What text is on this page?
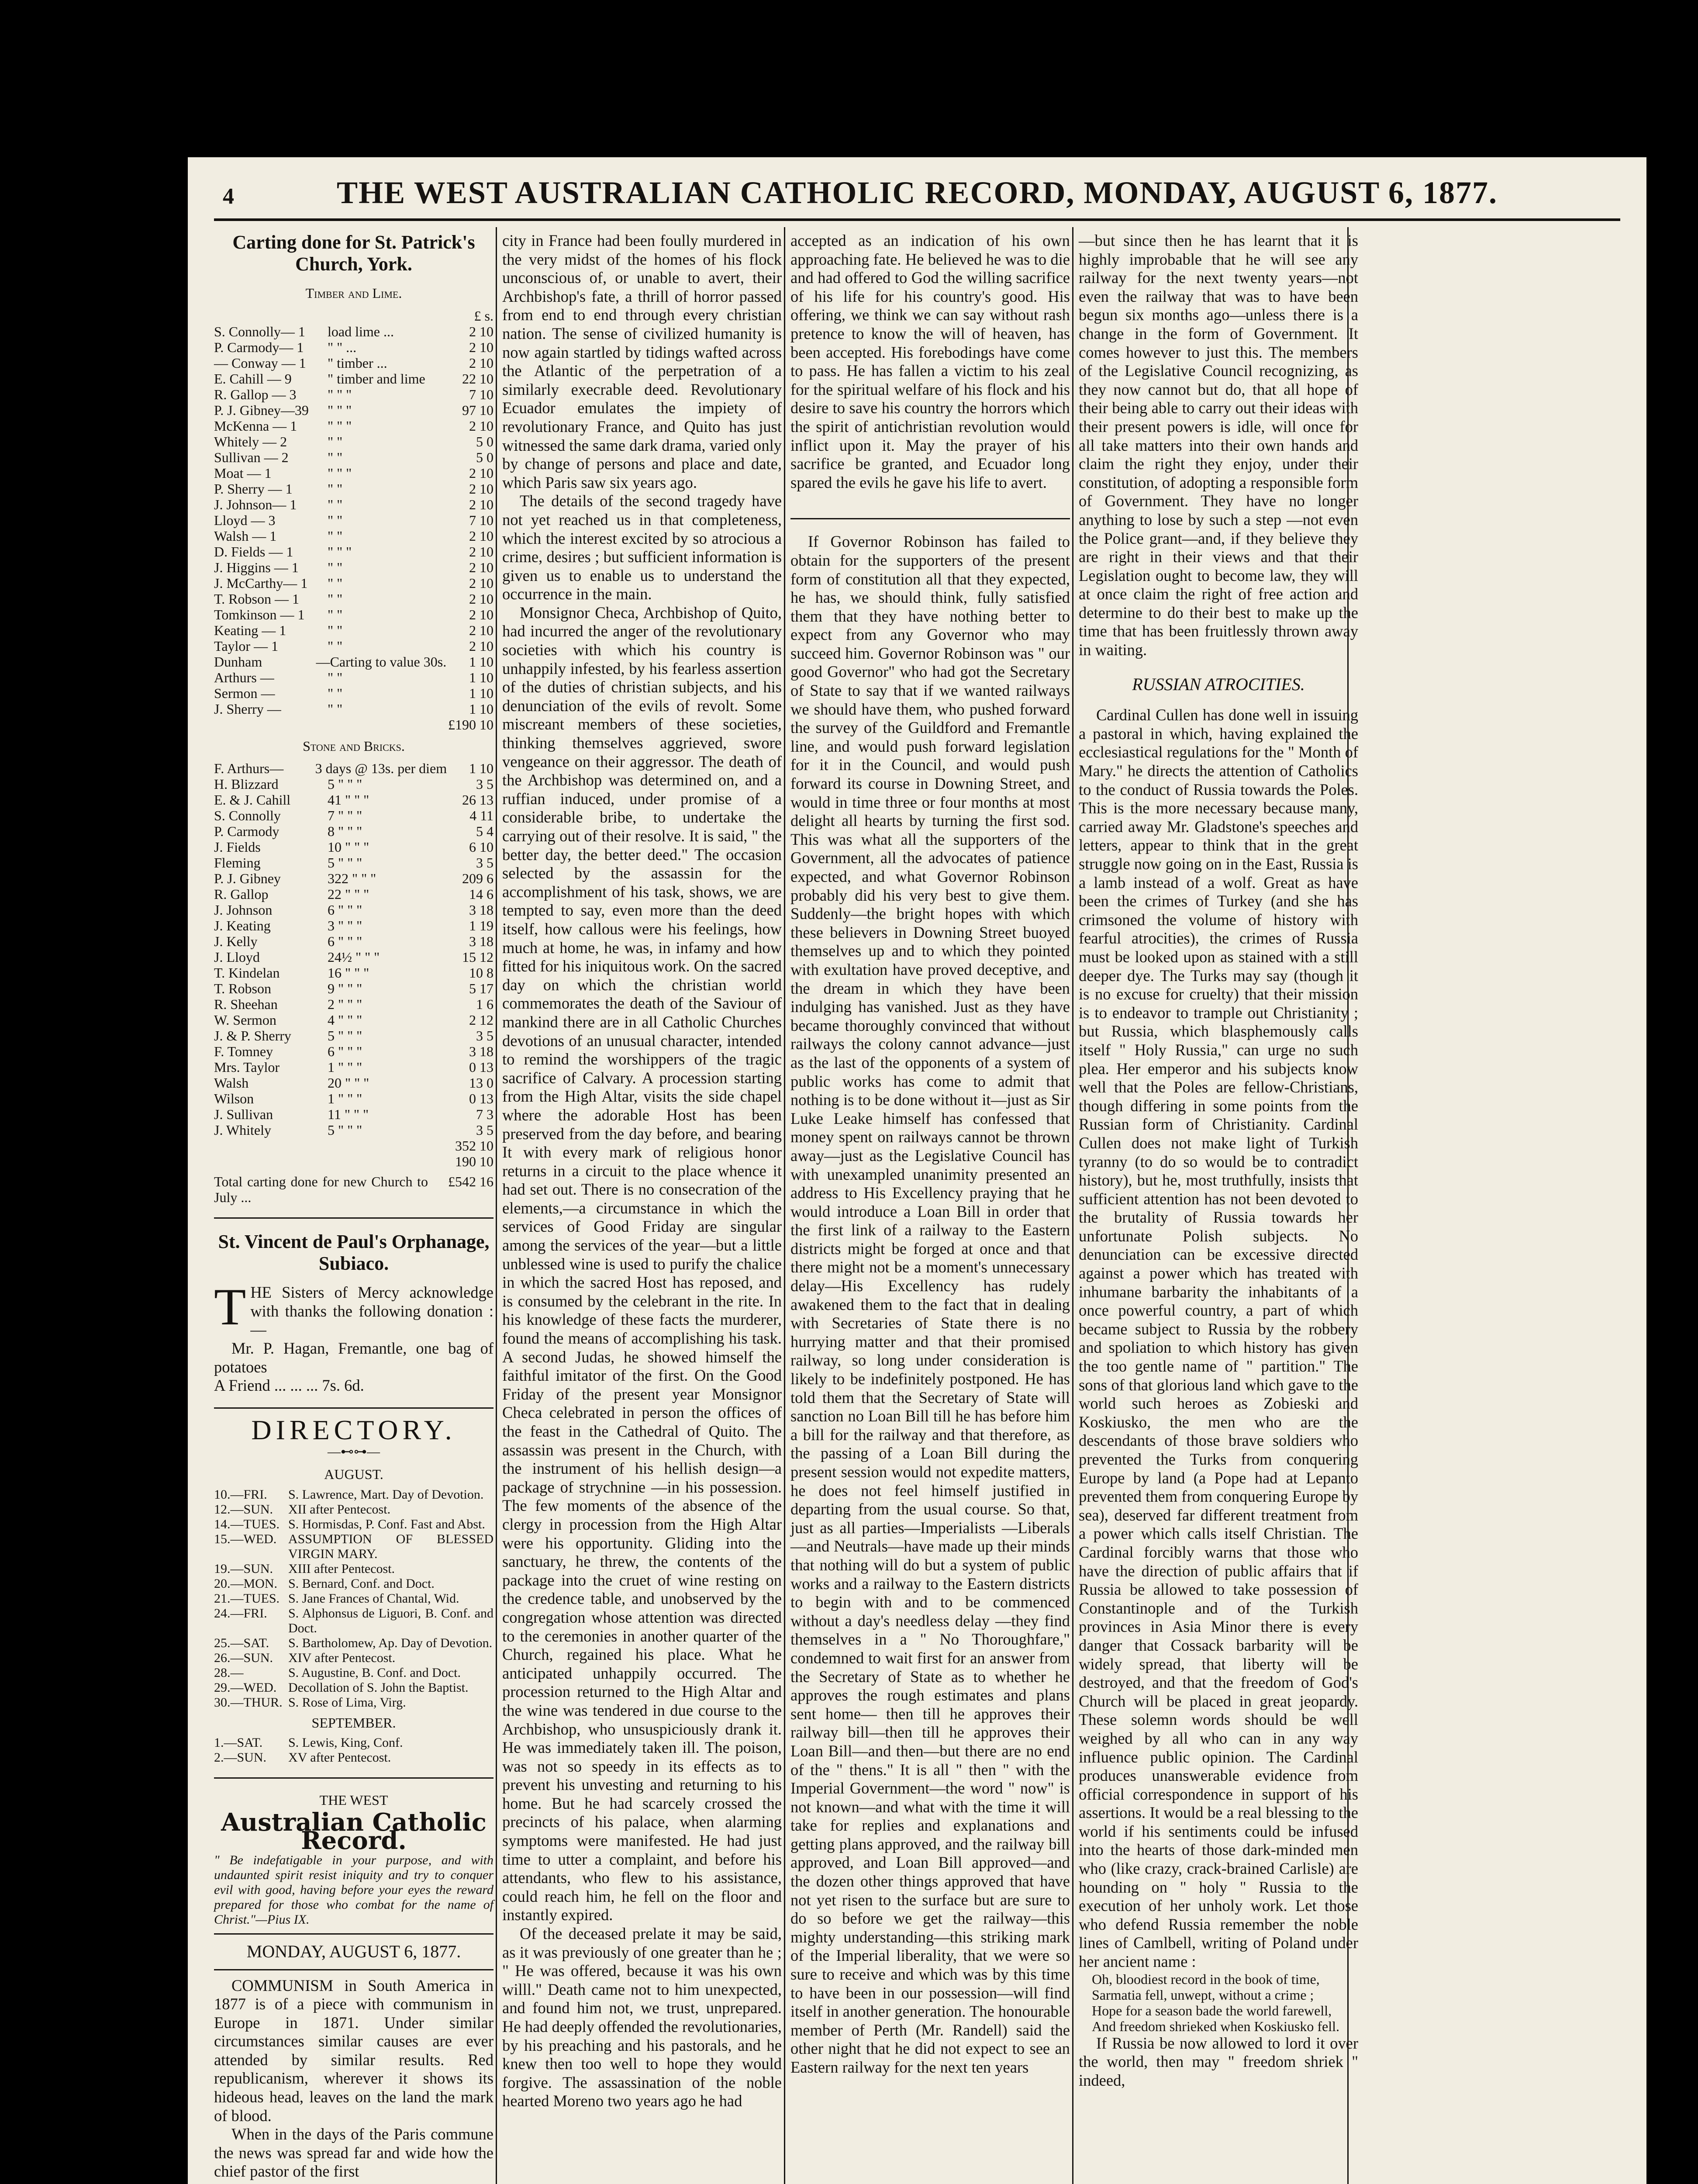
4	THE WEST AUSTRALIAN CATHOLIC RECORD, MONDAY, AUGUST 6, 1877.
Carting done for St. Patrick's Church, York.
Timber and Lime.
£ s.
S. Connolly— 1	load lime ...	2 10
P. Carmody— 1	" " ...	2 10
— Conway — 1	" timber ...	2 10
E. Cahill — 9	" timber and lime	22 10
R. Gallop — 3	" " "	7 10
P. J. Gibney—39	" " "	97 10
McKenna — 1	" " "	2 10
Whitely — 2	" "	5 0
Sullivan — 2	" "	5 0
Moat — 1	" " "	2 10
P. Sherry — 1	" "	2 10
J. Johnson— 1	" "	2 10
Lloyd — 3	" "	7 10
Walsh — 1	" "	2 10
D. Fields — 1	" " "	2 10
J. Higgins — 1	" "	2 10
J. McCarthy— 1	" "	2 10
T. Robson — 1	" "	2 10
Tomkinson — 1	" "	2 10
Keating — 1	" "	2 10
Taylor — 1	" "	2 10
Dunham	—Carting to value 30s.	1 10
Arthurs —	" "	1 10
Sermon —	" "	1 10
J. Sherry —	" "	1 10
£190 10
Stone and Bricks.
F. Arthurs—	3 days @ 13s. per diem	1 10
H. Blizzard	5 " " "	3 5
E. & J. Cahill	41 " " "	26 13
S. Connolly	7 " " "	4 11
P. Carmody	8 " " "	5 4
J. Fields	10 " " "	6 10
Fleming	5 " " "	3 5
P. J. Gibney	322 " " "	209 6
R. Gallop	22 " " "	14 6
J. Johnson	6 " " "	3 18
J. Keating	3 " " "	1 19
J. Kelly	6 " " "	3 18
J. Lloyd	24½ " " "	15 12
T. Kindelan	16 " " "	10 8
T. Robson	9 " " "	5 17
R. Sheehan	2 " " "	1 6
W. Sermon	4 " " "	2 12
J. & P. Sherry	5 " " "	3 5
F. Tomney	6 " " "	3 18
Mrs. Taylor	1 " " "	0 13
Walsh	20 " " "	13 0
Wilson	1 " " "	0 13
J. Sullivan	11 " " "	7 3
J. Whitely	5 " " "	3 5
352 10
190 10
Total carting done for new Church to July ...
£542 16
St. Vincent de Paul's Orphanage, Subiaco.

THE Sisters of Mercy acknowledge with thanks the following donation :—

Mr. P. Hagan, Fremantle, one bag of potatoes

A Friend ... ... ... 7s. 6d.

DIRECTORY.
—⊷⊶—
AUGUST.
10.—FRI.	S. Lawrence, Mart. Day of Devotion.
12.—SUN.	XII after Pentecost.
14.—TUES. S. Hormisdas, P. Conf. Fast and Abst.
15.—WED. ASSUMPTION OF BLESSED VIRGIN MARY.
19.—SUN.	XIII after Pentecost.
20.—MON. S. Bernard, Conf. and Doct.
21.—TUES. S. Jane Frances of Chantal, Wid.
24.—FRI.	S. Alphonsus de Liguori, B. Conf. and Doct.
25.—SAT.	S. Bartholomew, Ap. Day of Devotion.
26.—SUN.	XIV after Pentecost.
28.—	S. Augustine, B. Conf. and Doct.
29.—WED. Decollation of S. John the Baptist.
30.—THUR. S. Rose of Lima, Virg.
SEPTEMBER.
1.—SAT.	S. Lewis, King, Conf.
2.—SUN.	XV after Pentecost.
THE WEST
Australian Catholic Record.
" Be indefatigable in your purpose, and with undaunted spirit resist iniquity and try to conquer evil with good, having before your eyes the reward prepared for those who combat for the name of Christ."—Pius IX.
MONDAY, AUGUST 6, 1877.

COMMUNISM in South America in 1877 is of a piece with communism in Europe in 1871. Under similar circumstances similar causes are ever attended by similar results. Red republicanism, wherever it shows its hideous head, leaves on the land the mark of blood.

When in the days of the Paris commune the news was spread far and wide how the chief pastor of the first

city in France had been foully murdered in the very midst of the homes of his flock unconscious of, or unable to avert, their Archbishop's fate, a thrill of horror passed from end to end through every christian nation. The sense of civilized humanity is now again startled by tidings wafted across the Atlantic of the perpetration of a similarly execrable deed. Revolutionary Ecuador emulates the impiety of revolutionary France, and Quito has just witnessed the same dark drama, varied only by change of persons and place and date, which Paris saw six years ago.

The details of the second tragedy have not yet reached us in that completeness, which the interest excited by so atrocious a crime, desires ; but sufficient information is given us to enable us to understand the occurrence in the main.

Monsignor Checa, Archbishop of Quito, had incurred the anger of the revolutionary societies with which his country is unhappily infested, by his fearless assertion of the duties of christian subjects, and his denunciation of the evils of revolt. Some miscreant members of these societies, thinking themselves aggrieved, swore vengeance on their aggressor. The death of the Archbishop was determined on, and a ruffian induced, under promise of a considerable bribe, to undertake the carrying out of their resolve. It is said, " the better day, the better deed." The occasion selected by the assassin for the accomplishment of his task, shows, we are tempted to say, even more than the deed itself, how callous were his feelings, how much at home, he was, in infamy and how fitted for his iniquitous work. On the sacred day on which the christian world commemorates the death of the Saviour of mankind there are in all Catholic Churches devotions of an unusual character, intended to remind the worshippers of the tragic sacrifice of Calvary. A procession starting from the High Altar, visits the side chapel where the adorable Host has been preserved from the day before, and bearing It with every mark of religious honor returns in a circuit to the place whence it had set out. There is no consecration of the elements,—a circumstance in which the services of Good Friday are singular among the services of the year—but a little unblessed wine is used to purify the chalice in which the sacred Host has reposed, and is consumed by the celebrant in the rite. In his knowledge of these facts the murderer, found the means of accomplishing his task. A second Judas, he showed himself the faithful imitator of the first. On the Good Friday of the present year Monsignor Checa celebrated in person the offices of the feast in the Cathedral of Quito. The assassin was present in the Church, with the instrument of his hellish design—a package of strychnine —in his possession. The few moments of the absence of the clergy in procession from the High Altar were his opportunity. Gliding into the sanctuary, he threw, the contents of the package into the cruet of wine resting on the credence table, and unobserved by the congregation whose attention was directed to the ceremonies in another quarter of the Church, regained his place. What he anticipated unhappily occurred. The procession returned to the High Altar and the wine was tendered in due course to the Archbishop, who unsuspiciously drank it. He was immediately taken ill. The poison, was not so speedy in its effects as to prevent his unvesting and returning to his home. But he had scarcely crossed the precincts of his palace, when alarming symptoms were manifested. He had just time to utter a complaint, and before his attendants, who flew to his assistance, could reach him, he fell on the floor and instantly expired.

Of the deceased prelate it may be said, as it was previously of one greater than he ; " He was offered, because it was his own willl." Death came not to him unexpected, and found him not, we trust, unprepared. He had deeply offended the revolutionaries, by his preaching and his pastorals, and he knew then too well to hope they would forgive. The assassination of the noble hearted Moreno two years ago he had

accepted as an indication of his own approaching fate. He believed he was to die and had offered to God the willing sacrifice of his life for his country's good. His offering, we think we can say without rash pretence to know the will of heaven, has been accepted. His forebodings have come to pass. He has fallen a victim to his zeal for the spiritual welfare of his flock and his desire to save his country the horrors which the spirit of antichristian revolution would inflict upon it. May the prayer of his sacrifice be granted, and Ecuador long spared the evils he gave his life to avert.

If Governor Robinson has failed to obtain for the supporters of the present form of constitution all that they expected, he has, we should think, fully satisfied them that they have nothing better to expect from any Governor who may succeed him. Governor Robinson was " our good Governor" who had got the Secretary of State to say that if we wanted railways we should have them, who pushed forward the survey of the Guildford and Fremantle line, and would push forward legislation for it in the Council, and would push forward its course in Downing Street, and would in time three or four months at most delight all hearts by turning the first sod. This was what all the supporters of the Government, all the advocates of patience expected, and what Governor Robinson probably did his very best to give them. Suddenly—the bright hopes with which these believers in Downing Street buoyed themselves up and to which they pointed with exultation have proved deceptive, and the dream in which they have been indulging has vanished. Just as they have became thoroughly convinced that without railways the colony cannot advance—just as the last of the opponents of a system of public works has come to admit that nothing is to be done without it—just as Sir Luke Leake himself has confessed that money spent on railways cannot be thrown away—just as the Legislative Council has with unexampled unanimity presented an address to His Excellency praying that he would introduce a Loan Bill in order that the first link of a railway to the Eastern districts might be forged at once and that there might not be a moment's unnecessary delay—His Excellency has rudely awakened them to the fact that in dealing with Secretaries of State there is no hurrying matter and that their promised railway, so long under consideration is likely to be indefinitely postponed. He has told them that the Secretary of State will sanction no Loan Bill till he has before him a bill for the railway and that therefore, as the passing of a Loan Bill during the present session would not expedite matters, he does not feel himself justified in departing from the usual course. So that, just as all parties—Imperialists —Liberals—and Neutrals—have made up their minds that nothing will do but a system of public works and a railway to the Eastern districts to begin with and to be commenced without a day's needless delay —they find themselves in a " No Thoroughfare," condemned to wait first for an answer from the Secretary of State as to whether he approves the rough estimates and plans sent home— then till he approves their railway bill—then till he approves their Loan Bill—and then—but there are no end of the " thens." It is all " then " with the Imperial Government—the word " now" is not known—and what with the time it will take for replies and explanations and getting plans approved, and the railway bill approved, and Loan Bill approved—and the dozen other things approved that have not yet risen to the surface but are sure to do so before we get the railway—this mighty understanding—this striking mark of the Imperial liberality, that we were so sure to receive and which was by this time to have been in our possession—will find itself in another generation. The honourable member of Perth (Mr. Randell) said the other night that he did not expect to see an Eastern railway for the next ten years

—but since then he has learnt that it is highly improbable that he will see any railway for the next twenty years—not even the railway that was to have been begun six months ago—unless there is a change in the form of Government. It comes however to just this. The members of the Legislative Council recognizing, as they now cannot but do, that all hope of their being able to carry out their ideas with their present powers is idle, will once for all take matters into their own hands and claim the right they enjoy, under their constitution, of adopting a responsible form of Government. They have no longer anything to lose by such a step —not even the Police grant—and, if they believe they are right in their views and that their Legislation ought to become law, they will at once claim the right of free action and determine to do their best to make up the time that has been fruitlessly thrown away in waiting.

RUSSIAN ATROCITIES.

Cardinal Cullen has done well in issuing a pastoral in which, having explained the ecclesiastical regulations for the " Month of Mary." he directs the attention of Catholics to the conduct of Russia towards the Poles. This is the more necessary because many, carried away Mr. Gladstone's speeches and letters, appear to think that in the great struggle now going on in the East, Russia is a lamb instead of a wolf. Great as have been the crimes of Turkey (and she has crimsoned the volume of history with fearful atrocities), the crimes of Russia must be looked upon as stained with a still deeper dye. The Turks may say (though it is no excuse for cruelty) that their mission is to endeavor to trample out Christianity ; but Russia, which blasphemously calls itself " Holy Russia," can urge no such plea. Her emperor and his subjects know well that the Poles are fellow-Christians, though differing in some points from the Russian form of Christianity. Cardinal Cullen does not make light of Turkish tyranny (to do so would be to contradict history), but he, most truthfully, insists that sufficient attention has not been devoted to the brutality of Russia towards her unfortunate Polish subjects. No denunciation can be excessive directed against a power which has treated with inhumane barbarity the inhabitants of a once powerful country, a part of which became subject to Russia by the robbery and spoliation to which history has given the too gentle name of " partition." The sons of that glorious land which gave to the world such heroes as Zobieski and Koskiusko, the men who are the descendants of those brave soldiers who prevented the Turks from conquering Europe by land (a Pope had at Lepanto prevented them from conquering Europe by sea), deserved far different treatment from a power which calls itself Christian. The Cardinal forcibly warns that those who have the direction of public affairs that if Russia be allowed to take possession of Constantinople and of the Turkish provinces in Asia Minor there is every danger that Cossack barbarity will be widely spread, that liberty will be destroyed, and that the freedom of God's Church will be placed in great jeopardy. These solemn words should be well weighed by all who can in any way influence public opinion. The Cardinal produces unanswerable evidence from official correspondence in support of his assertions. It would be a real blessing to the world if his sentiments could be infused into the hearts of those dark-minded men who (like crazy, crack-brained Carlisle) are hounding on " holy " Russia to the execution of her unholy work. Let those who defend Russia remember the noble lines of Camlbell, writing of Poland under her ancient name :

Oh, bloodiest record in the book of time,
Sarmatia fell, unwept, without a crime ;
Hope for a season bade the world farewell,
And freedom shrieked when Koskiusko fell.

If Russia be now allowed to lord it over the world, then may " freedom shriek " indeed,
